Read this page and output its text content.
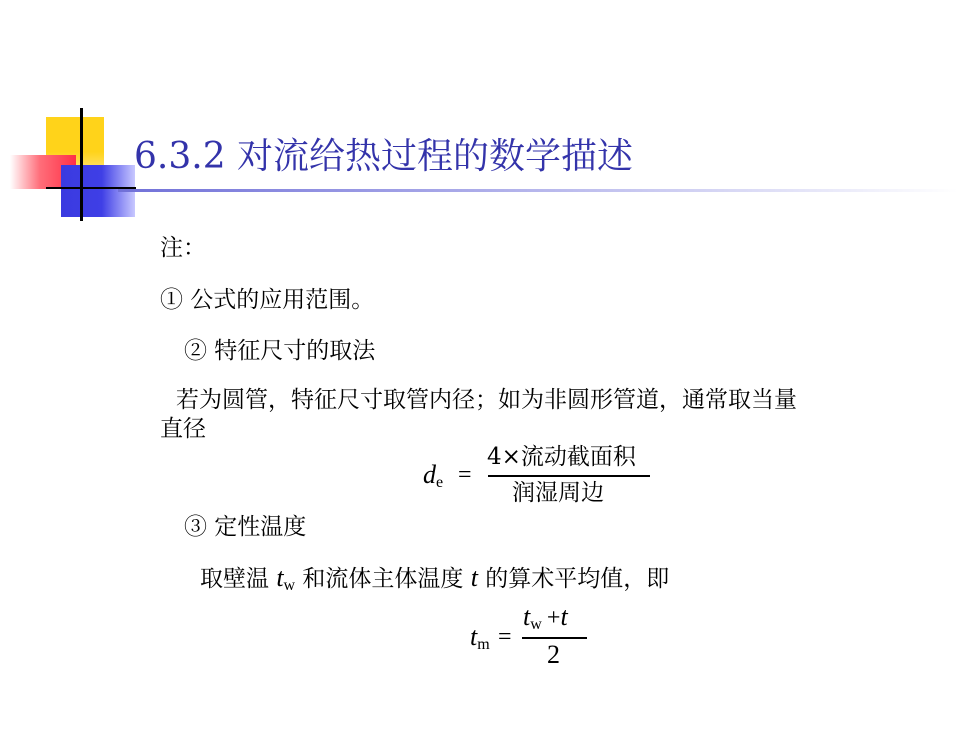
6.3.2 对流给热过程的数学描述
注：
① 公式的应用范围。
② 特征尺寸的取法
若为圆管，特征尺寸取管内径；如为非圆形管道，通常取当量
直径
de =
4×流动截面积
润湿周边
③ 定性温度
取壁温 $t_w$ 和流体主体温度 t 的算术平均值，即
tm =
tw +t
2
